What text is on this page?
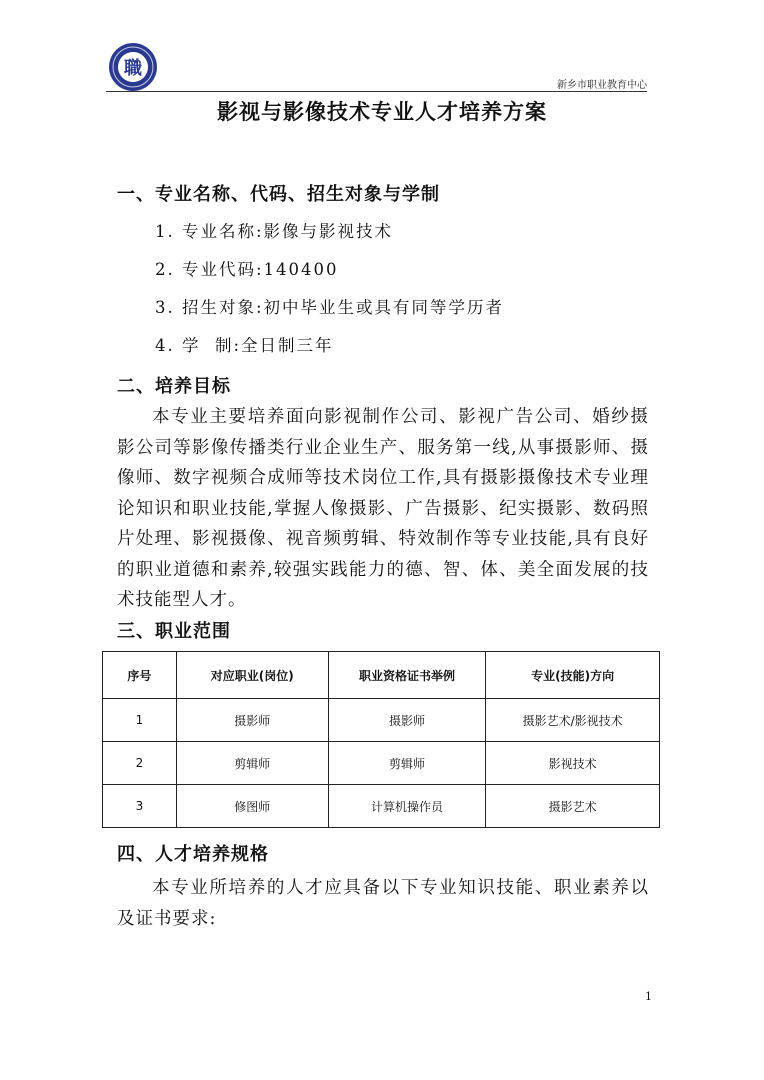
職
新乡市职业教育中心
影视与影像技术专业人才培养方案
一、专业名称、代码、招生对象与学制
1. 专业名称:影像与影视技术
2. 专业代码:140400
3. 招生对象:初中毕业生或具有同等学历者
4. 学  制:全日制三年
二、培养目标
本专业主要培养面向影视制作公司、影视广告公司、婚纱摄影公司等影像传播类行业企业生产、服务第一线,从事摄影师、摄像师、数字视频合成师等技术岗位工作,具有摄影摄像技术专业理论知识和职业技能,掌握人像摄影、广告摄影、纪实摄影、数码照片处理、影视摄像、视音频剪辑、特效制作等专业技能,具有良好的职业道德和素养,较强实践能力的德、智、体、美全面发展的技术技能型人才。
三、职业范围
序号	对应职业(岗位)	职业资格证书举例	专业(技能)方向
1	摄影师	摄影师	摄影艺术/影视技术
2	剪辑师	剪辑师	影视技术
3	修图师	计算机操作员	摄影艺术
四、人才培养规格
本专业所培养的人才应具备以下专业知识技能、职业素养以及证书要求:
1
